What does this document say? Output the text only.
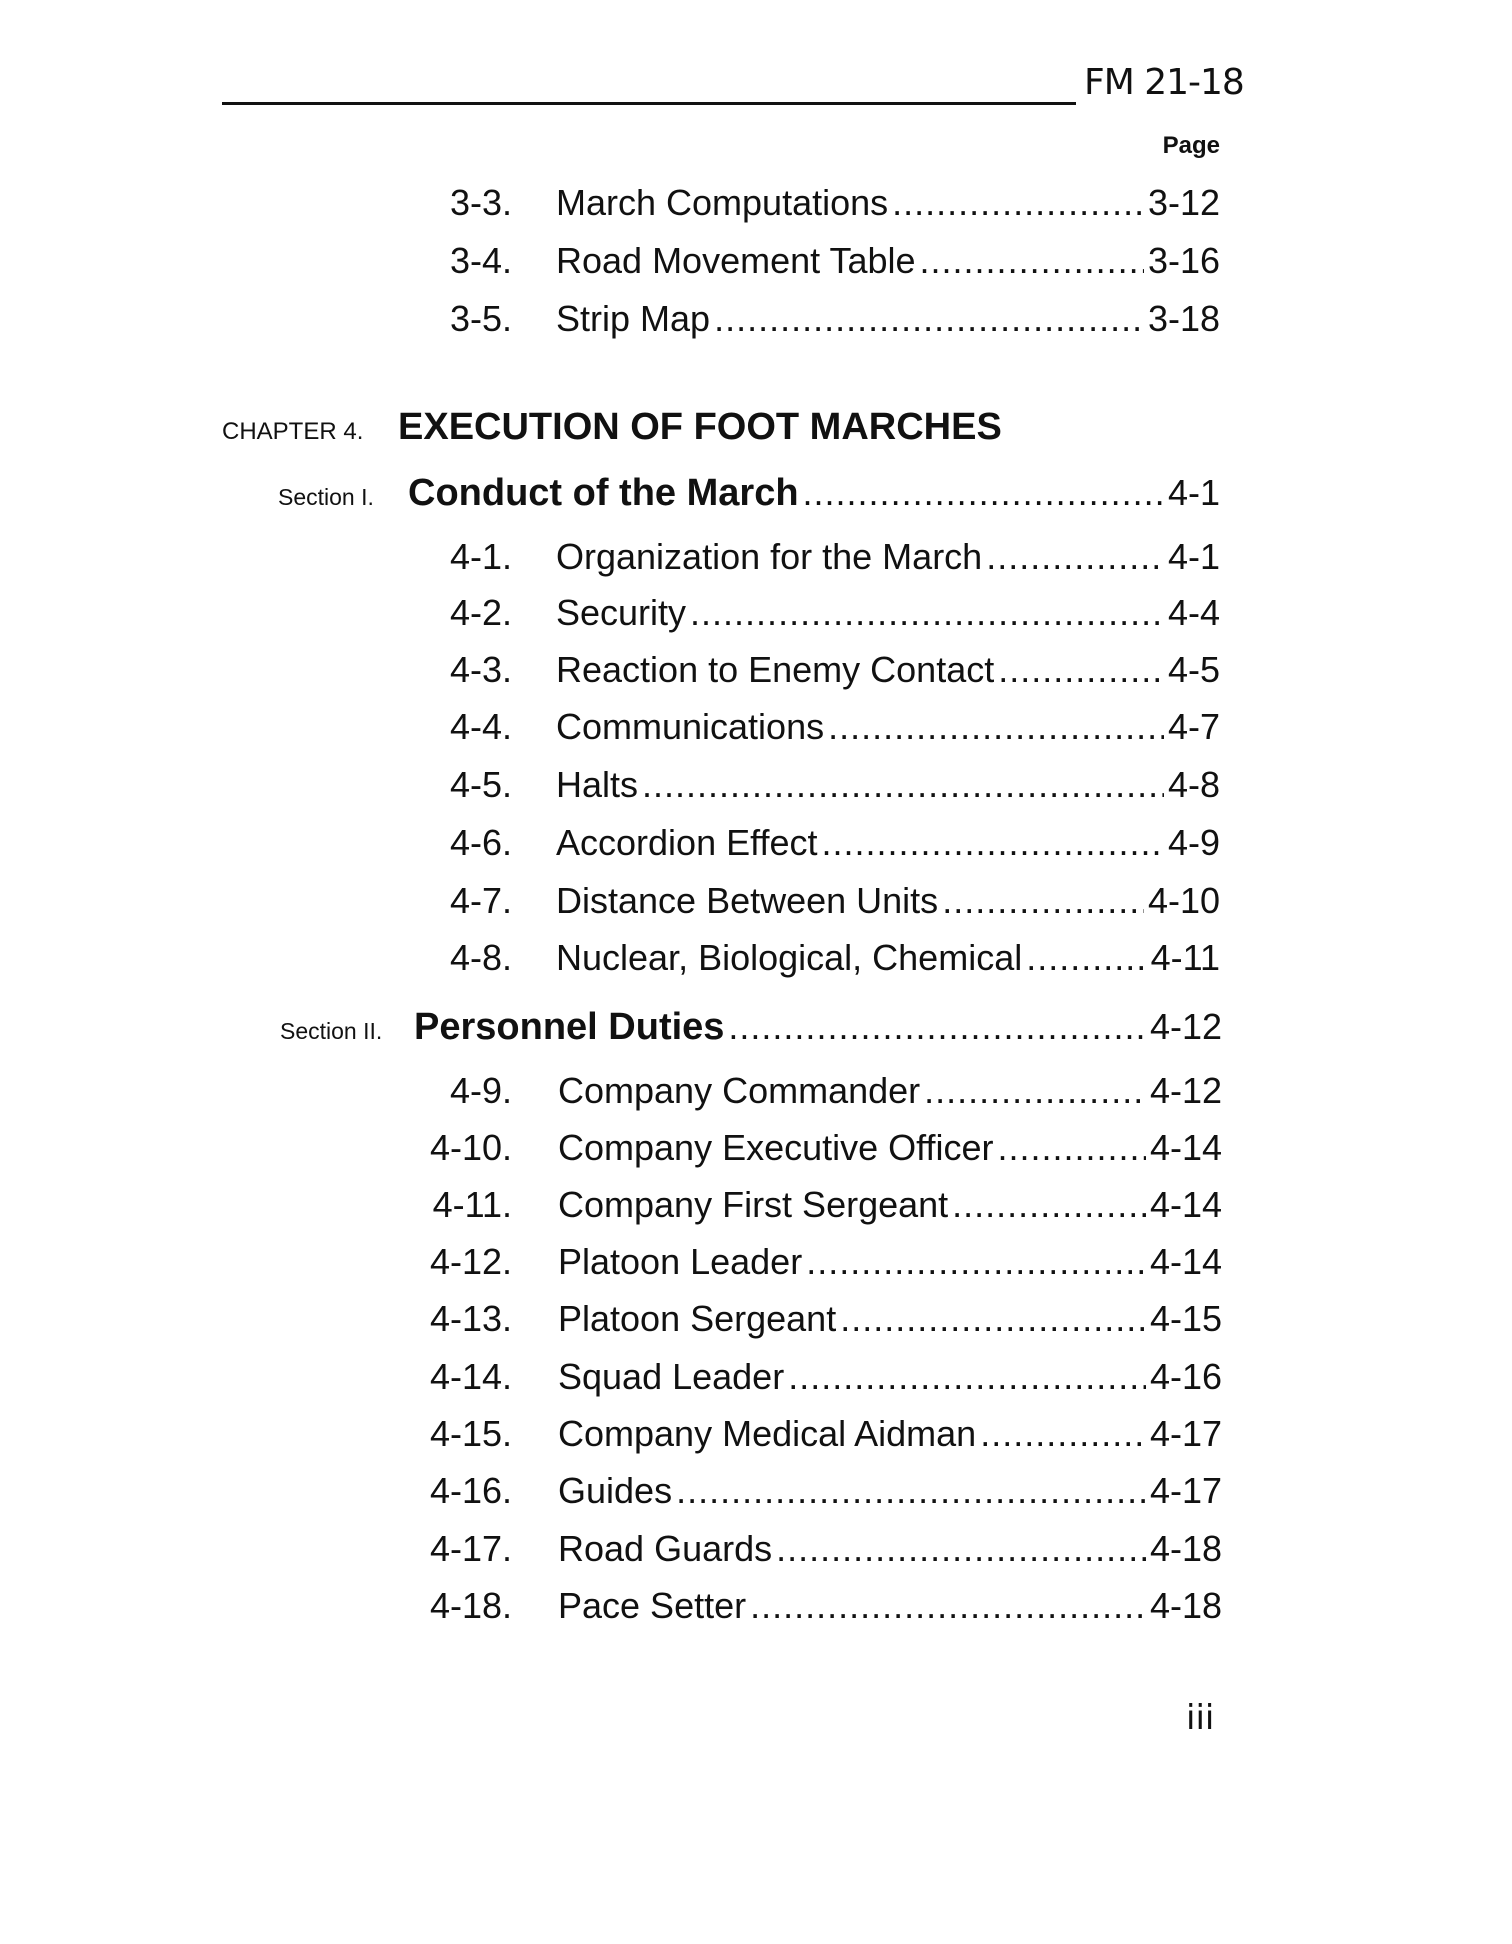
FM 21-18
Page
3-3. March Computations .....	3-12
3-4. Road Movement Table .....	3-16
3-5. Strip Map .....	3-18
CHAPTER 4. EXECUTION OF FOOT MARCHES
Section I. Conduct of the March .....	4-1
4-1. Organization for the March .....	4-1
4-2. Security .....	4-4
4-3. Reaction to Enemy Contact .....	4-5
4-4. Communications .....	4-7
4-5. Halts .....	4-8
4-6. Accordion Effect .....	4-9
4-7. Distance Between Units .....	4-10
4-8. Nuclear, Biological, Chemical .....	4-11
Section II. Personnel Duties .....	4-12
4-9. Company Commander .....	4-12
4-10. Company Executive Officer .....	4-14
4-11. Company First Sergeant .....	4-14
4-12. Platoon Leader .....	4-14
4-13. Platoon Sergeant .....	4-15
4-14. Squad Leader .....	4-16
4-15. Company Medical Aidman .....	4-17
4-16. Guides .....	4-17
4-17. Road Guards .....	4-18
4-18. Pace Setter .....	4-18
iii
